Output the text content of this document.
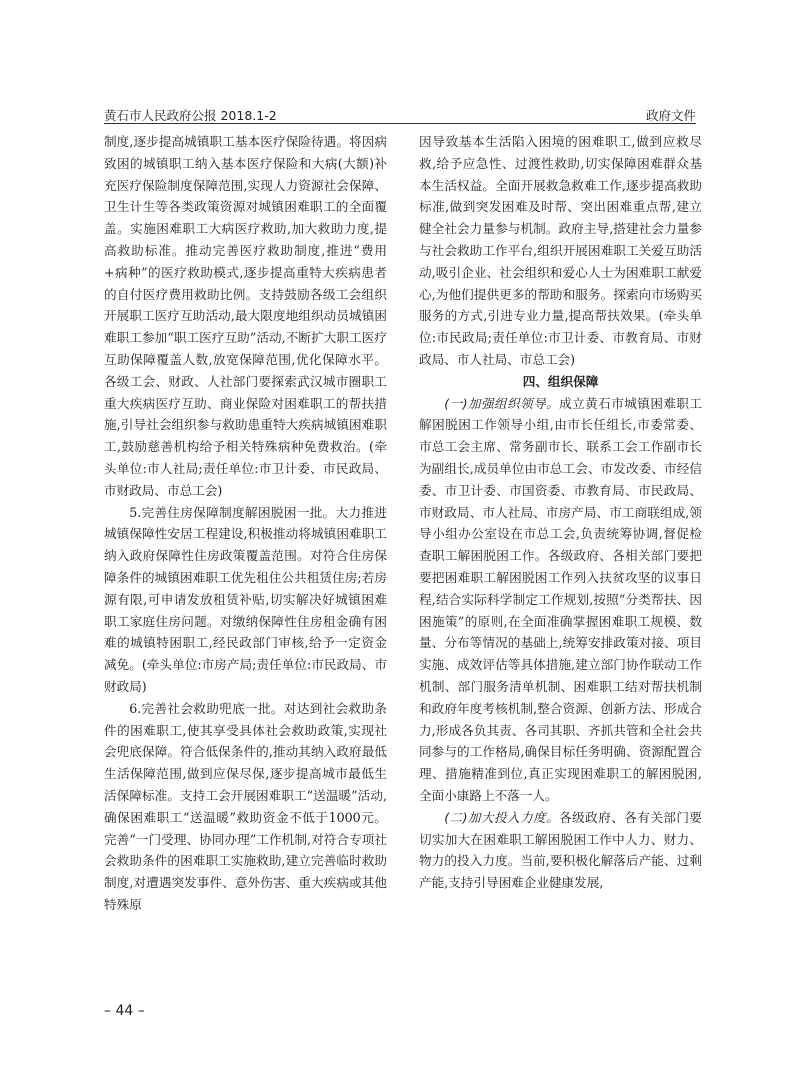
黄石市人民政府公报 2018.1-2	政府文件

制度,逐步提高城镇职工基本医疗保险待遇。将因病致困的城镇职工纳入基本医疗保险和大病(大额)补充医疗保险制度保障范围,实现人力资源社会保障、卫生计生等各类政策资源对城镇困难职工的全面覆盖。实施困难职工大病医疗救助,加大救助力度,提高救助标准。推动完善医疗救助制度,推进“费用+病种”的医疗救助模式,逐步提高重特大疾病患者的自付医疗费用救助比例。支持鼓励各级工会组织开展职工医疗互助活动,最大限度地组织动员城镇困难职工参加“职工医疗互助”活动,不断扩大职工医疗互助保障覆盖人数,放宽保障范围,优化保障水平。各级工会、财政、人社部门要探索武汉城市圈职工重大疾病医疗互助、商业保险对困难职工的帮扶措施,引导社会组织参与救助患重特大疾病城镇困难职工,鼓励慈善机构给予相关特殊病种免费救治。(牵头单位:市人社局;责任单位:市卫计委、市民政局、市财政局、市总工会)

5.完善住房保障制度解困脱困一批。大力推进城镇保障性安居工程建设,积极推动将城镇困难职工纳入政府保障性住房政策覆盖范围。对符合住房保障条件的城镇困难职工优先租住公共租赁住房;若房源有限,可申请发放租赁补贴,切实解决好城镇困难职工家庭住房问题。对缴纳保障性住房租金确有困难的城镇特困职工,经民政部门审核,给予一定资金减免。(牵头单位:市房产局;责任单位:市民政局、市财政局)

6.完善社会救助兜底一批。对达到社会救助条件的困难职工,使其享受具体社会救助政策,实现社会兜底保障。符合低保条件的,推动其纳入政府最低生活保障范围,做到应保尽保,逐步提高城市最低生活保障标准。支持工会开展困难职工“送温暖”活动,确保困难职工“送温暖”救助资金不低于1000元。完善“一门受理、协同办理”工作机制,对符合专项社会救助条件的困难职工实施救助,建立完善临时救助制度,对遭遇突发事件、意外伤害、重大疾病或其他特殊原

因导致基本生活陷入困境的困难职工,做到应救尽救,给予应急性、过渡性救助,切实保障困难群众基本生活权益。全面开展救急救难工作,逐步提高救助标准,做到突发困难及时帮、突出困难重点帮,建立健全社会力量参与机制。政府主导,搭建社会力量参与社会救助工作平台,组织开展困难职工关爱互助活动,吸引企业、社会组织和爱心人士为困难职工献爱心,为他们提供更多的帮助和服务。探索向市场购买服务的方式,引进专业力量,提高帮扶效果。(牵头单位:市民政局;责任单位:市卫计委、市教育局、市财政局、市人社局、市总工会)

四、组织保障

(一)加强组织领导。成立黄石市城镇困难职工解困脱困工作领导小组,由市长任组长,市委常委、市总工会主席、常务副市长、联系工会工作副市长为副组长,成员单位由市总工会、市发改委、市经信委、市卫计委、市国资委、市教育局、市民政局、市财政局、市人社局、市房产局、市工商联组成,领导小组办公室设在市总工会,负责统筹协调,督促检查职工解困脱困工作。各级政府、各相关部门要把要把困难职工解困脱困工作列入扶贫攻坚的议事日程,结合实际科学制定工作规划,按照“分类帮扶、因困施策”的原则,在全面准确掌握困难职工规模、数量、分布等情况的基础上,统筹安排政策对接、项目实施、成效评估等具体措施,建立部门协作联动工作机制、部门服务清单机制、困难职工结对帮扶机制和政府年度考核机制,整合资源、创新方法、形成合力,形成各负其责、各司其职、齐抓共管和全社会共同参与的工作格局,确保目标任务明确、资源配置合理、措施精准到位,真正实现困难职工的解困脱困,全面小康路上不落一人。

(二)加大投入力度。各级政府、各有关部门要切实加大在困难职工解困脱困工作中人力、财力、物力的投入力度。当前,要积极化解落后产能、过剩产能,支持引导困难企业健康发展,

– 44 –
